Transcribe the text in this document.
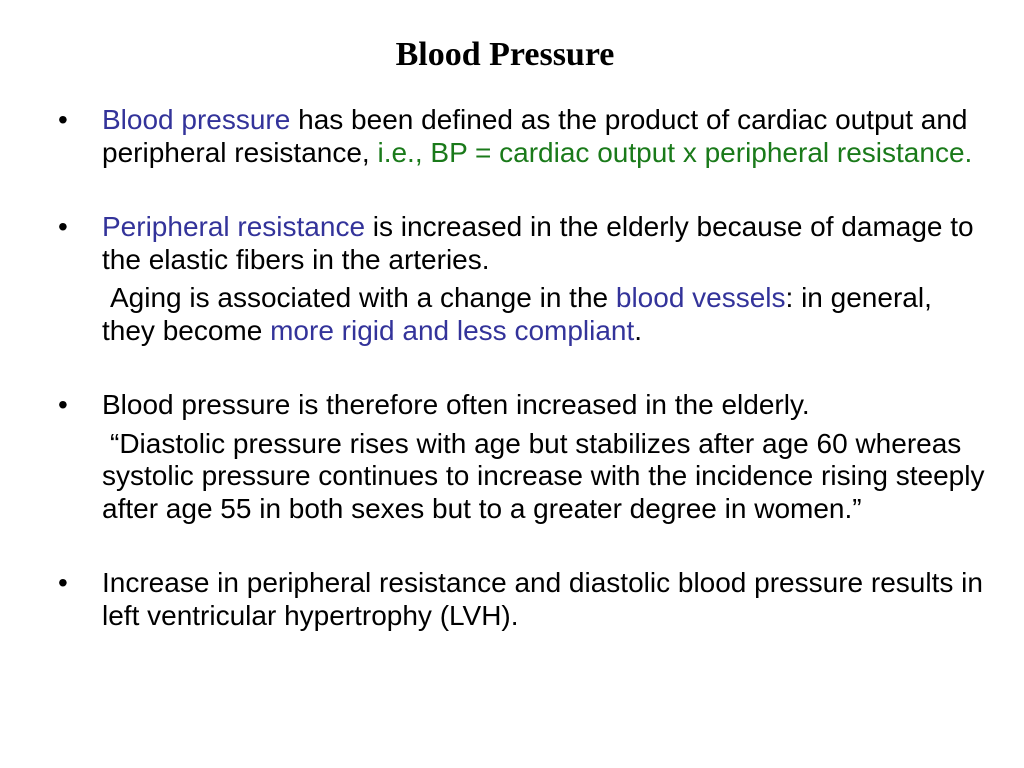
Blood Pressure
• Blood pressure has been defined as the product of cardiac output and peripheral resistance, i.e., BP = cardiac output x peripheral resistance.

• Peripheral resistance is increased in the elderly because of damage to the elastic fibers in the arteries.

Aging is associated with a change in the blood vessels: in general, they become more rigid and less compliant.

• Blood pressure is therefore often increased in the elderly.

“Diastolic pressure rises with age but stabilizes after age 60 whereas systolic pressure continues to increase with the incidence rising steeply after age 55 in both sexes but to a greater degree in women.”

• Increase in peripheral resistance and diastolic blood pressure results in left ventricular hypertrophy (LVH).
